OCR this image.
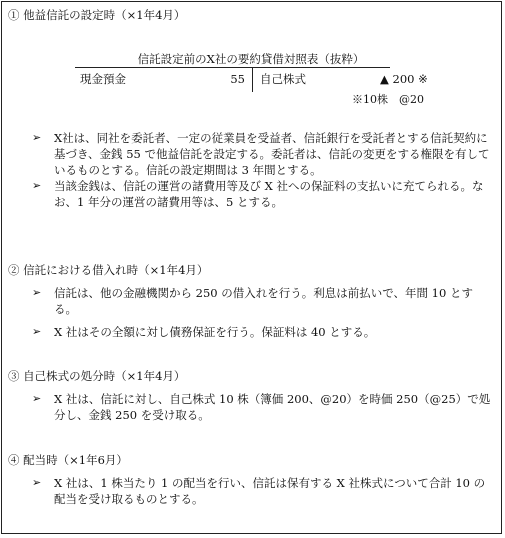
① 他益信託の設定時（×1年4月）
信託設定前のX社の要約貸借対照表（抜粋）
現金預金	55 自己株式	▲ 200 ※
※10株　@20
➢ X社は、同社を委託者、一定の従業員を受益者、信託銀行を受託者とする信託契約に基づき、金銭 55 で他益信託を設定する。委託者は、信託の変更をする権限を有しているものとする。信託の設定期間は 3 年間とする。
➢ 当該金銭は、信託の運営の諸費用等及び X 社への保証料の支払いに充てられる。なお、1 年分の運営の諸費用等は、5 とする。
② 信託における借入れ時（×1年4月）
➢ 信託は、他の金融機関から 250 の借入れを行う。利息は前払いで、年間 10 とする。
➢ X 社はその全額に対し債務保証を行う。保証料は 40 とする。
③ 自己株式の処分時（×1年4月）
➢ X 社は、信託に対し、自己株式 10 株（簿価 200、@20）を時価 250（@25）で処分し、金銭 250 を受け取る。
④ 配当時（×1年6月）
➢ X 社は、1 株当たり 1 の配当を行い、信託は保有する X 社株式について合計 10 の配当を受け取るものとする。
